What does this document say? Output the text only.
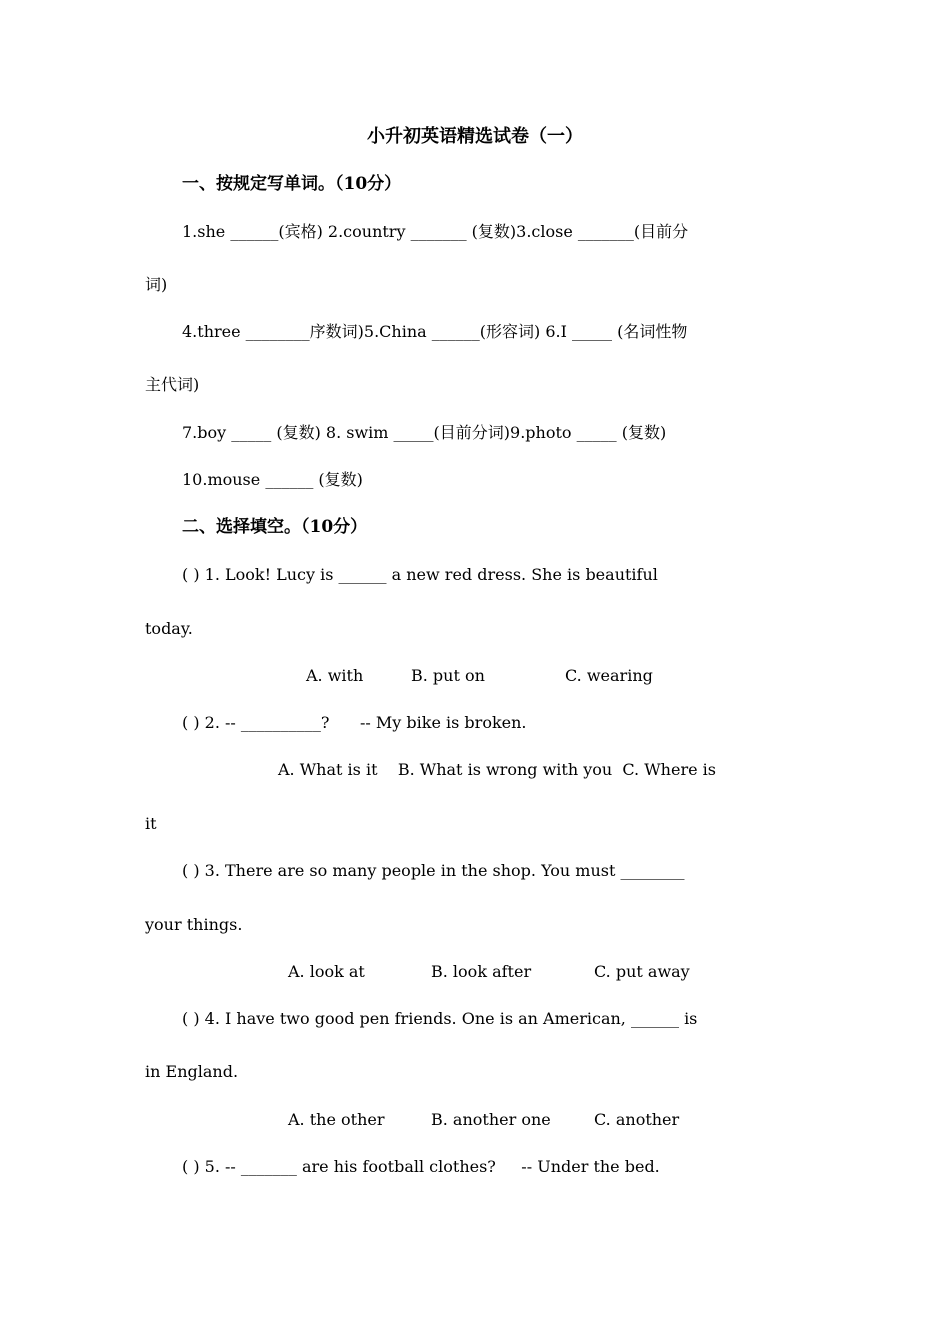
小升初英语精选试卷（一）
一、按规定写单词。（10分）
1.she ______(宾格) 2.country _______ (复数)3.close _______(目前分
词)
4.three ________序数词)5.China ______(形容词) 6.I _____ (名词性物
主代词)
7.boy _____ (复数) 8. swim _____(目前分词)9.photo _____ (复数)
10.mouse ______ (复数)
二、选择填空。（10分）
( ) 1. Look! Lucy is ______ a new red dress. She is beautiful
today.
A. with	B. put on	C. wearing
( ) 2. -- __________?      -- My bike is broken.
A. What is it    B. What is wrong with you  C. Where is
it
( ) 3. There are so many people in the shop. You must ________
your things.
A. look at	B. look after	C. put away
( ) 4. I have two good pen friends. One is an American, ______ is
in England.
A. the other	B. another one	C. another
( ) 5. -- _______ are his football clothes?     -- Under the bed.
